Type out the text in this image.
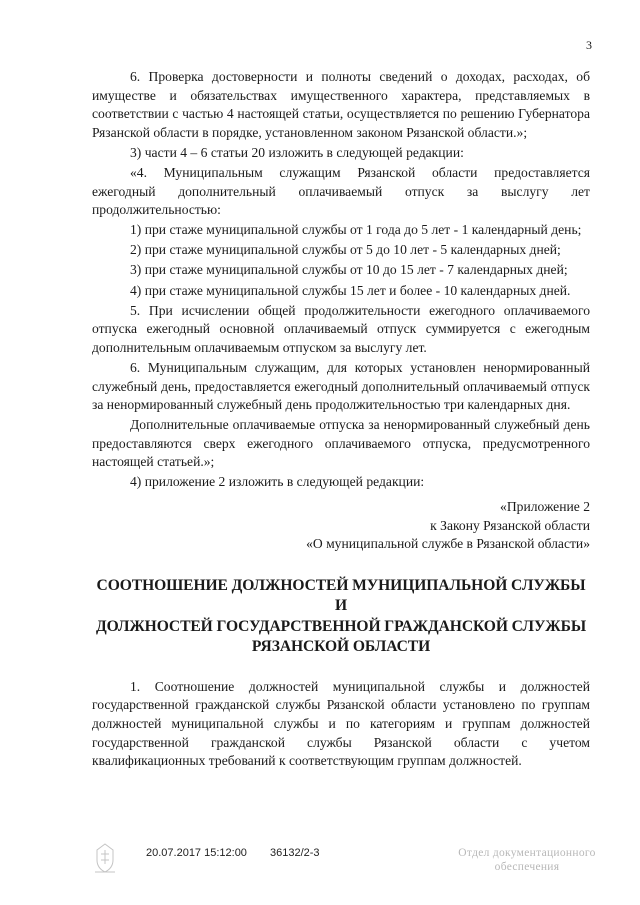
3

6. Проверка достоверности и полноты сведений о доходах, расходах, об имуществе и обязательствах имущественного характера, представляемых в соответствии с частью 4 настоящей статьи, осуществляется по решению Губернатора Рязанской области в порядке, установленном законом Рязанской области.»;

3) части 4 – 6 статьи 20 изложить в следующей редакции:

«4. Муниципальным служащим Рязанской области предоставляется ежегодный дополнительный оплачиваемый отпуск за выслугу лет продолжительностью:

1) при стаже муниципальной службы от 1 года до 5 лет - 1 календарный день;

2) при стаже муниципальной службы от 5 до 10 лет - 5 календарных дней;

3) при стаже муниципальной службы от 10 до 15 лет - 7 календарных дней;

4) при стаже муниципальной службы 15 лет и более - 10 календарных дней.

5. При исчислении общей продолжительности ежегодного оплачиваемого отпуска ежегодный основной оплачиваемый отпуск суммируется с ежегодным дополнительным оплачиваемым отпуском за выслугу лет.

6. Муниципальным служащим, для которых установлен ненормированный служебный день, предоставляется ежегодный дополнительный оплачиваемый отпуск за ненормированный служебный день продолжительностью три календарных дня.

Дополнительные оплачиваемые отпуска за ненормированный служебный день предоставляются сверх ежегодного оплачиваемого отпуска, предусмотренного настоящей статьей.»;

4) приложение 2 изложить в следующей редакции:

«Приложение 2
к Закону Рязанской области
«О муниципальной службе в Рязанской области»
СООТНОШЕНИЕ ДОЛЖНОСТЕЙ МУНИЦИПАЛЬНОЙ СЛУЖБЫ И
ДОЛЖНОСТЕЙ ГОСУДАРСТВЕННОЙ ГРАЖДАНСКОЙ СЛУЖБЫ
РЯЗАНСКОЙ ОБЛАСТИ

1. Соотношение должностей муниципальной службы и должностей государственной гражданской службы Рязанской области установлено по группам должностей муниципальной службы и по категориям и группам должностей государственной гражданской службы Рязанской области с учетом квалификационных требований к соответствующим группам должностей.

20.07.2017 15:12:00 36132/2-3	Отдел документационного
обеспечения
